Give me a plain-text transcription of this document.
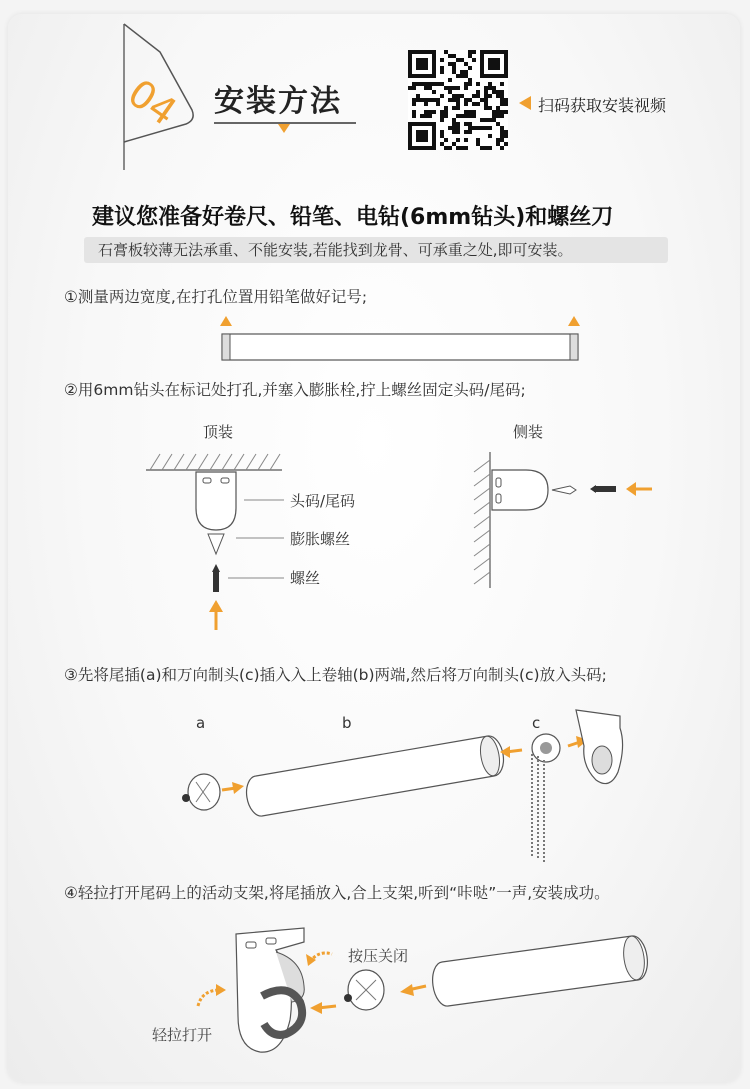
04 安装方法	扫码获取安装视频
建议您准备好卷尺、铅笔、电钻(6mm钻头)和螺丝刀
石膏板较薄无法承重、不能安装,若能找到龙骨、可承重之处,即可安装。
①测量两边宽度,在打孔位置用铅笔做好记号;
②用6mm钻头在标记处打孔,并塞入膨胀栓,拧上螺丝固定头码/尾码;
顶装	侧装
头码/尾码
膨胀螺丝
螺丝
③先将尾插(a)和万向制头(c)插入入上卷轴(b)两端,然后将万向制头(c)放入头码;
a	b	c
④轻拉打开尾码上的活动支架,将尾插放入,合上支架,听到“咔哒”一声,安装成功。
按压关闭
轻拉打开
